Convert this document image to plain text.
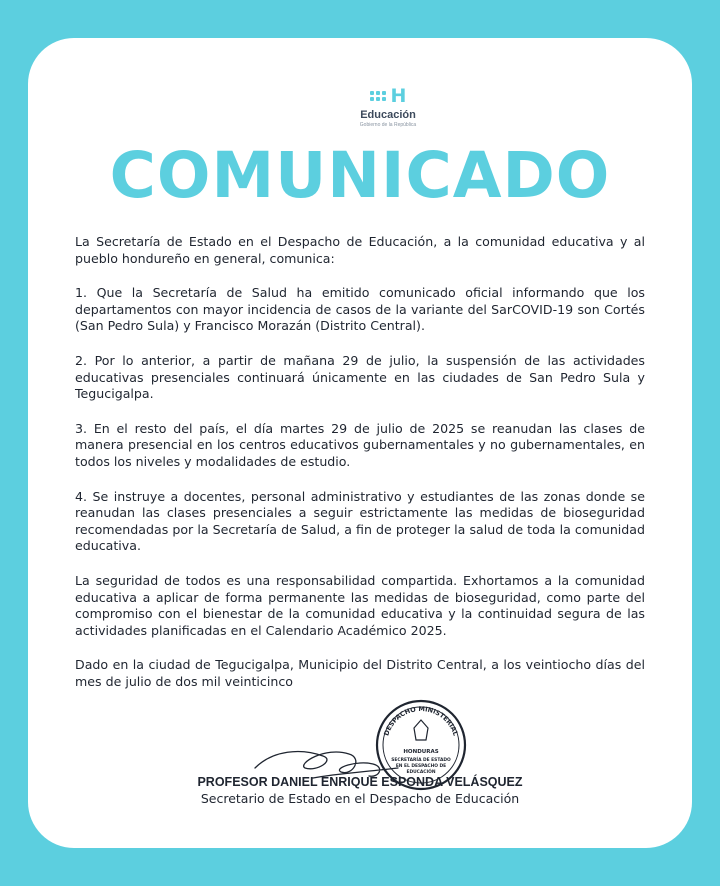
H
Educación
Gobierno de la República
COMUNICADO

La Secretaría de Estado en el Despacho de Educación, a la comunidad educativa y al pueblo hondureño en general, comunica:

1. Que la Secretaría de Salud ha emitido comunicado oficial informando que los departamentos con mayor incidencia de casos de la variante del SarCOVID-19 son Cortés (San Pedro Sula) y Francisco Morazán (Distrito Central).

2. Por lo anterior, a partir de mañana 29 de julio, la suspensión de las actividades educativas presenciales continuará únicamente en las ciudades de San Pedro Sula y Tegucigalpa.

3. En el resto del país, el día martes 29 de julio de 2025 se reanudan las clases de manera presencial en los centros educativos gubernamentales y no gubernamentales, en todos los niveles y modalidades de estudio.

4. Se instruye a docentes, personal administrativo y estudiantes de las zonas donde se reanudan las clases presenciales a seguir estrictamente las medidas de bioseguridad recomendadas por la Secretaría de Salud, a fin de proteger la salud de toda la comunidad educativa.

La seguridad de todos es una responsabilidad compartida. Exhortamos a la comunidad educativa a aplicar de forma permanente las medidas de bioseguridad, como parte del compromiso con el bienestar de la comunidad educativa y la continuidad segura de las actividades planificadas en el Calendario Académico 2025.

Dado en la ciudad de Tegucigalpa, Municipio del Distrito Central, a los veintiocho días del mes de julio de dos mil veinticinco

DESPACHO MINISTERIAL
HONDURAS
SECRETARÍA DE ESTADO
EN EL DESPACHO DE
EDUCACIÓN
PROFESOR DANIEL ENRIQUE ESPONDA VELÁSQUEZ
Secretario de Estado en el Despacho de Educación
